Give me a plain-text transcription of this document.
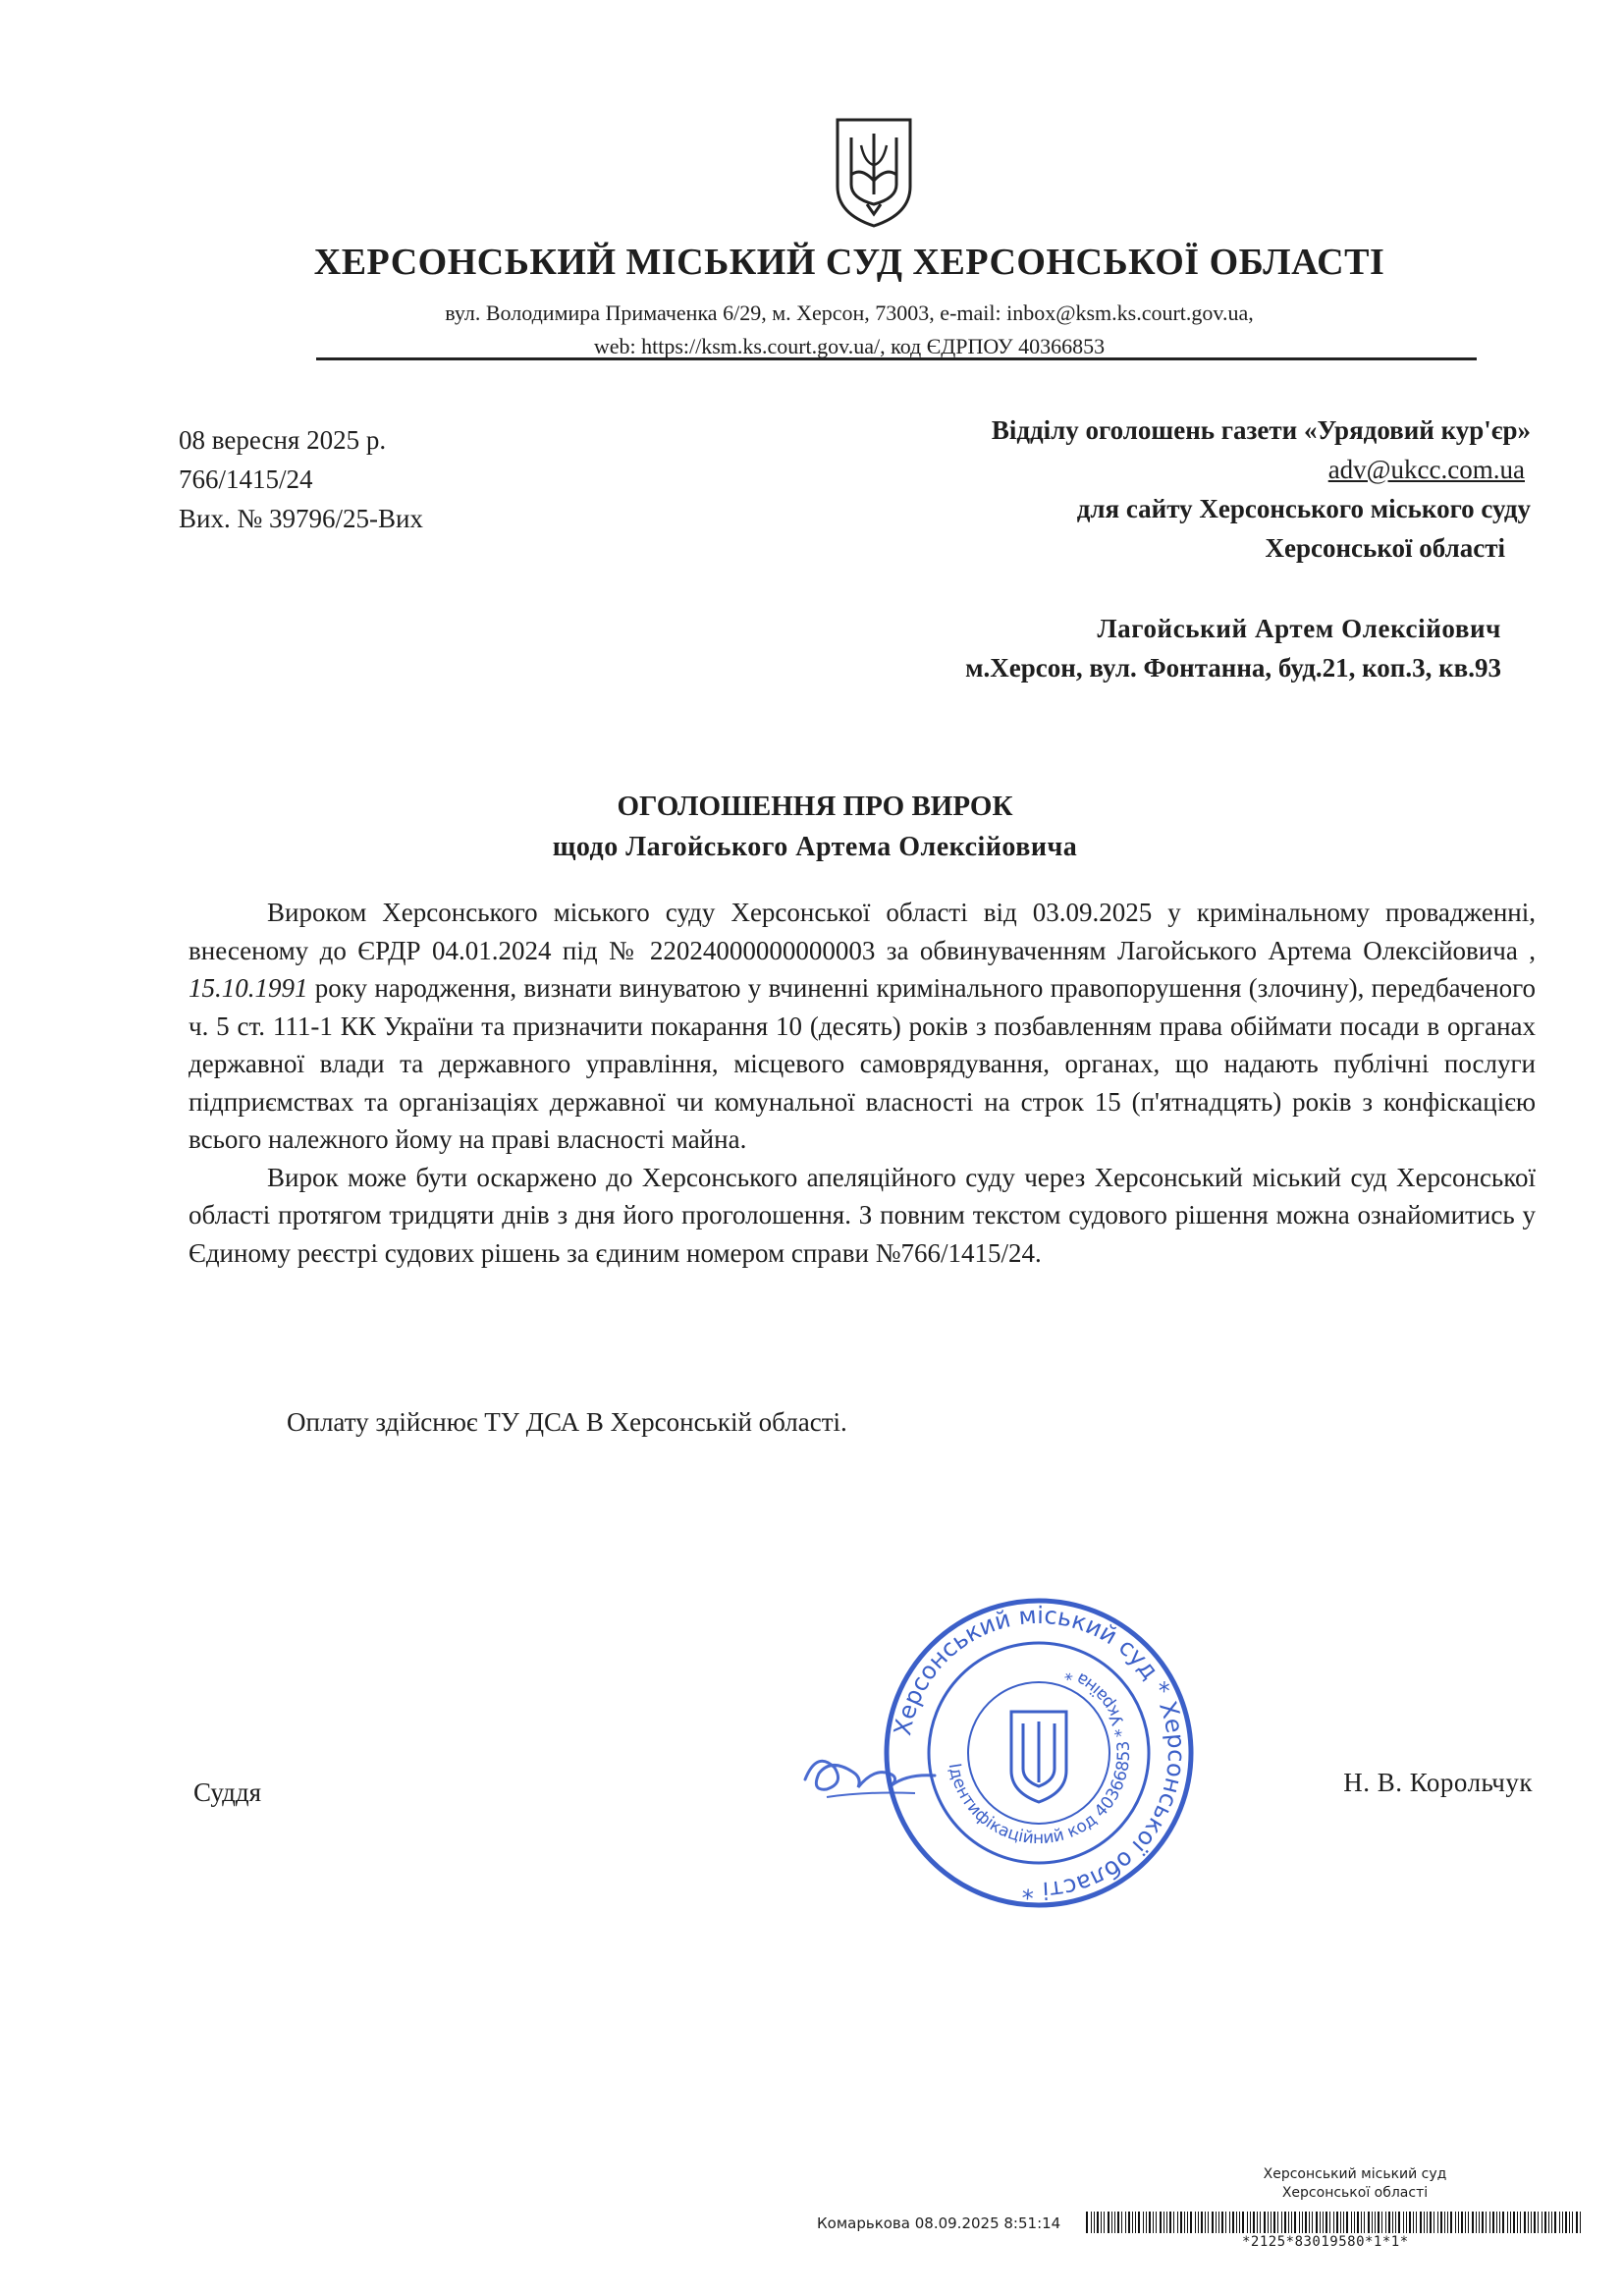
ХЕРСОНСЬКИЙ МІСЬКИЙ СУД ХЕРСОНСЬКОЇ ОБЛАСТІ
вул. Володимира Примаченка 6/29, м. Херсон, 73003, e-mail: inbox@ksm.ks.court.gov.ua,
web: https://ksm.ks.court.gov.ua/, код ЄДРПОУ 40366853
08 вересня 2025 р.
766/1415/24
Вих. № 39796/25-Вих
Відділу оголошень газети «Урядовий кур'єр»
adv@ukcc.com.ua
для сайту Херсонського міського суду
Херсонської області
Лагойський Артем Олексійович
м.Херсон, вул. Фонтанна, буд.21, коп.3, кв.93
ОГОЛОШЕННЯ ПРО ВИРОК
щодо Лагойського Артема Олексійовича

Вироком Херсонського міського суду Херсонської області від 03.09.2025 у кримінальному провадженні, внесеному до ЄРДР 04.01.2024 під № 22024000000000003 за обвинуваченням Лагойського Артема Олексійовича , 15.10.1991 року народження, визнати винуватою у вчиненні кримінального правопорушення (злочину), передбаченого ч. 5 ст. 111-1 КК України та призначити покарання 10 (десять) років з позбавленням права обіймати посади в органах державної влади та державного управління, місцевого самоврядування, органах, що надають публічні послуги підприємствах та організаціях державної чи комунальної власності на строк 15 (п'ятнадцять) років з конфіскацією всього належного йому на праві власності майна.

Вирок може бути оскаржено до Херсонського апеляційного суду через Херсонський міський суд Херсонської області протягом тридцяти днів з дня його проголошення. З повним текстом судового рішення можна ознайомитись у Єдиному реєстрі судових рішень за єдиним номером справи №766/1415/24.

Оплату здійснює ТУ ДСА В Херсонській області.
Суддя
Херсонський міський суд * Херсонської області *
Ідентифікаційний код 40366853 * Україна *
Н. В. Корольчук
Херсонський міський суд
Херсонської області
Комарькова 08.09.2025 8:51:14
*2125*83019580*1*1*
